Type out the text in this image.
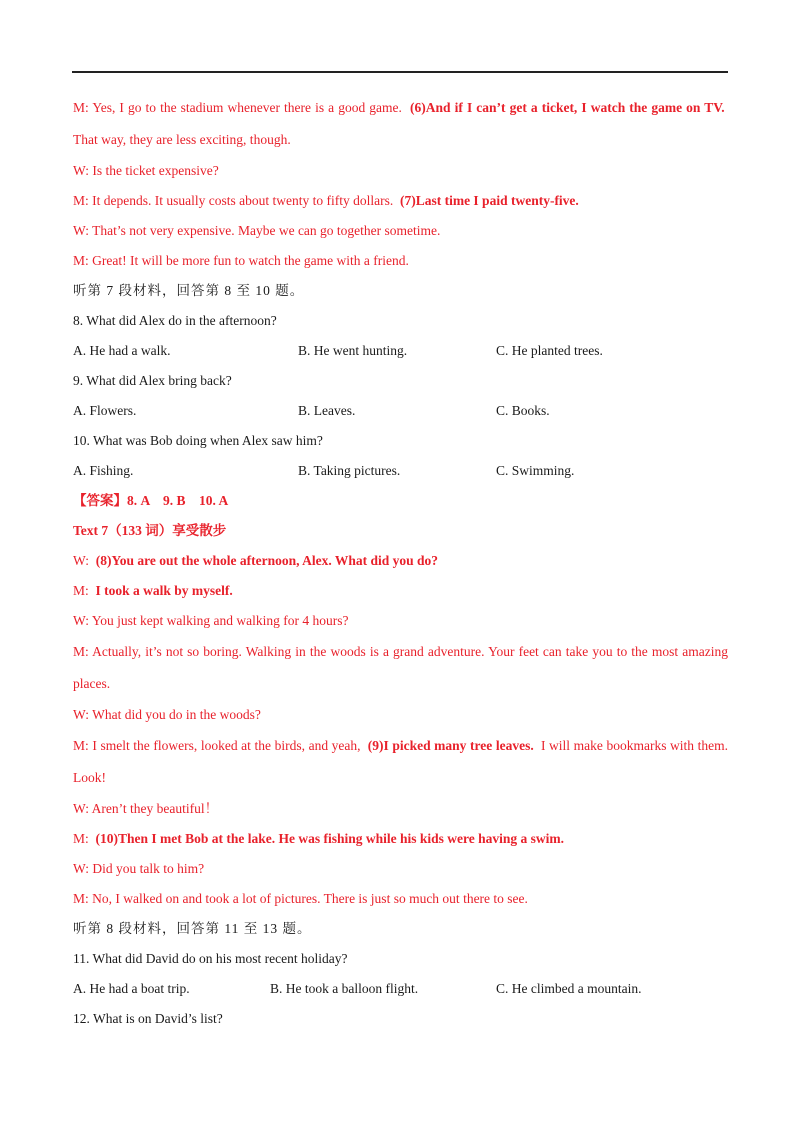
M: Yes, I go to the stadium whenever there is a good game. (6)And if I can’t get a ticket, I watch the game on TV.  That way, they are less exciting, though.
W: Is the ticket expensive?
M: It depends. It usually costs about twenty to fifty dollars. (7)Last time I paid twenty-five.
W: That’s not very expensive. Maybe we can go together sometime.
M: Great! It will be more fun to watch the game with a friend.
听第 7 段材料，回答第 8 至 10 题。
8. What did Alex do in the afternoon?
A. He had a walk.	B. He went hunting.	C. He planted trees.
9. What did Alex bring back?
A. Flowers.	B. Leaves.	C. Books.
10. What was Bob doing when Alex saw him?
A. Fishing.	B. Taking pictures.	C. Swimming.
【答案】8. A    9. B    10. A
Text 7（133 词）享受散步
W: (8)You are out the whole afternoon, Alex. What did you do?
M: I took a walk by myself.
W: You just kept walking and walking for 4 hours?
M: Actually, it’s not so boring. Walking in the woods is a grand adventure. Your feet can take you to the most amazing places.
W: What did you do in the woods?
M: I smelt the flowers, looked at the birds, and yeah, (9)I picked many tree leaves. I will make bookmarks with them. Look!
W: Aren’t they beautiful！
M: (10)Then I met Bob at the lake. He was fishing while his kids were having a swim.
W: Did you talk to him?
M: No, I walked on and took a lot of pictures. There is just so much out there to see.
听第 8 段材料，回答第 11 至 13 题。
11. What did David do on his most recent holiday?
A. He had a boat trip.	B. He took a balloon flight.	C. He climbed a mountain.
12. What is on David’s list?
